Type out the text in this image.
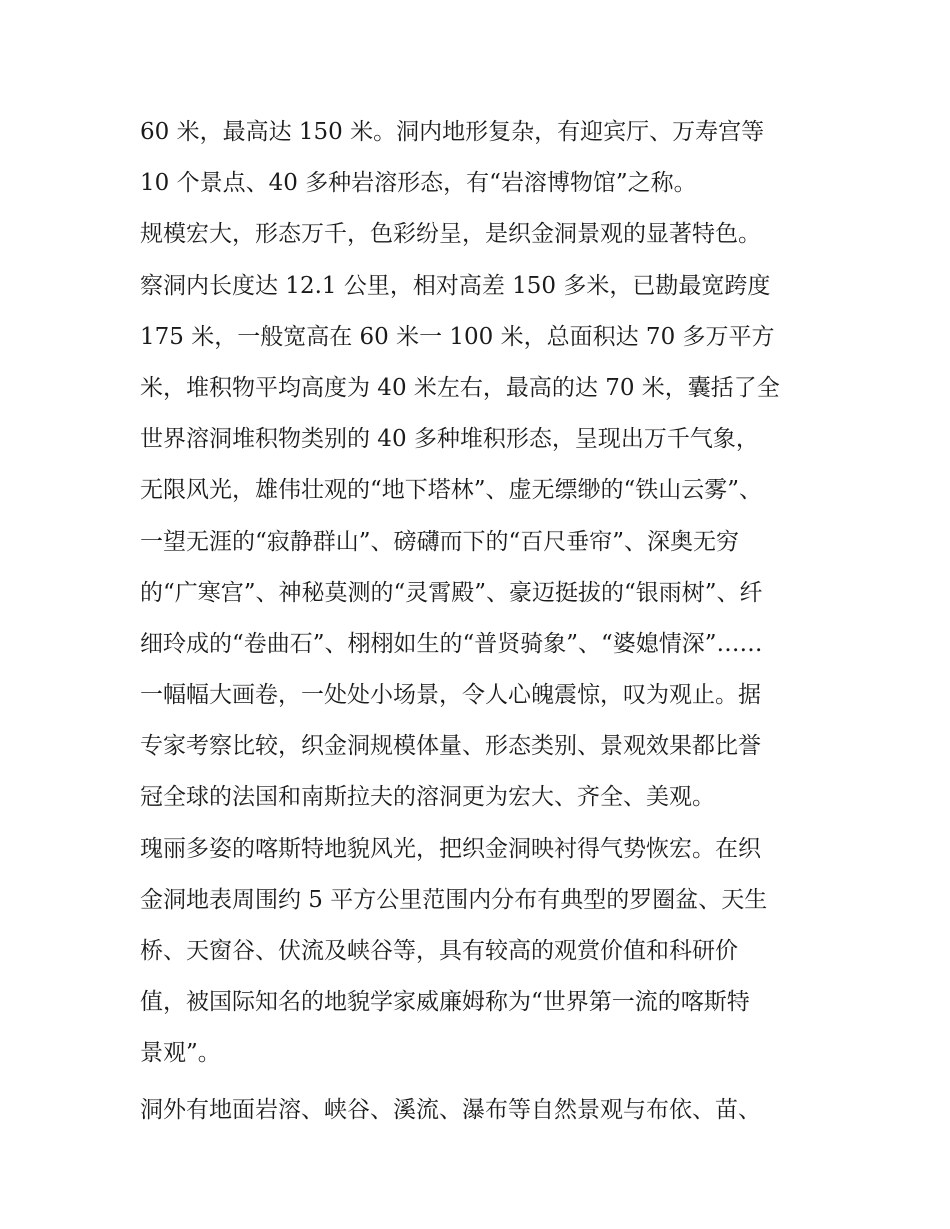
60 米，最高达 150 米。洞内地形复杂，有迎宾厅、万寿宫等
10 个景点、40 多种岩溶形态，有“岩溶博物馆”之称。
规模宏大，形态万千，色彩纷呈，是织金洞景观的显著特色。
察洞内长度达 12.1 公里，相对高差 150 多米，已勘最宽跨度
175 米，一般宽高在 60 米一 100 米，总面积达 70 多万平方
米，堆积物平均高度为 40 米左右，最高的达 70 米，囊括了全
世界溶洞堆积物类别的 40 多种堆积形态，呈现出万千气象，
无限风光，雄伟壮观的“地下塔林”、虚无缥缈的“铁山云雾”、
一望无涯的“寂静群山”、磅礴而下的“百尺垂帘”、深奥无穷
的“广寒宫”、神秘莫测的“灵霄殿”、豪迈挺拔的“银雨树”、纤
细玲成的“卷曲石”、栩栩如生的“普贤骑象”、“婆媳情深”……
一幅幅大画卷，一处处小场景，令人心魄震惊，叹为观止。据
专家考察比较，织金洞规模体量、形态类别、景观效果都比誉
冠全球的法国和南斯拉夫的溶洞更为宏大、齐全、美观。
瑰丽多姿的喀斯特地貌风光，把织金洞映衬得气势恢宏。在织
金洞地表周围约 5 平方公里范围内分布有典型的罗圈盆、天生
桥、天窗谷、伏流及峡谷等，具有较高的观赏价值和科研价
值，被国际知名的地貌学家威廉姆称为“世界第一流的喀斯特
景观”。
洞外有地面岩溶、峡谷、溪流、瀑布等自然景观与布依、苗、
